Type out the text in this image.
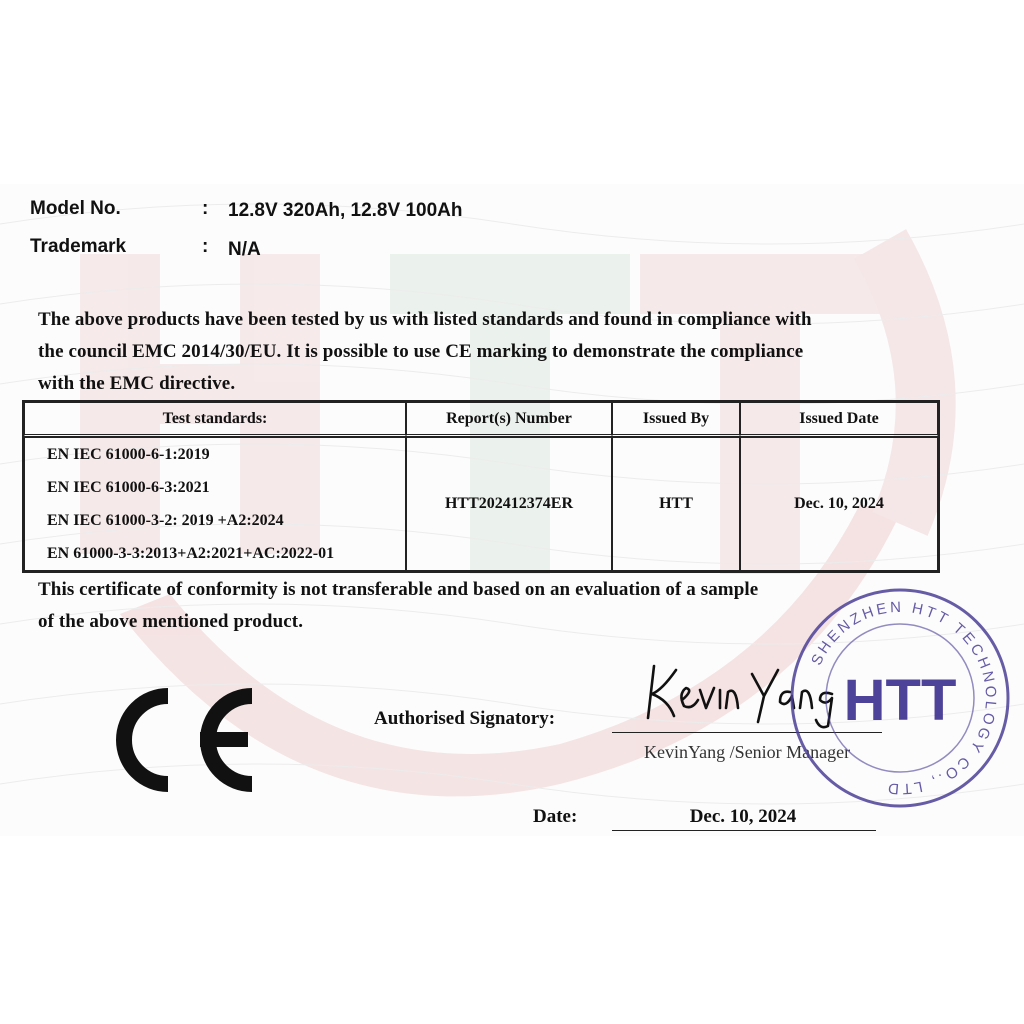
Model No.	: 12.8V 320Ah, 12.8V 100Ah
Trademark	: N/A
The above products have been tested by us with listed standards and found in compliance with
the council EMC 2014/30/EU. It is possible to use CE marking to demonstrate the compliance
with the EMC directive.
Test standards:	Report(s) Number	Issued By	Issued Date

EN IEC 61000-6-1:2019
EN IEC 61000-6-3:2021
EN IEC 61000-3-2: 2019 +A2:2024
EN 61000-3-3:2013+A2:2021+AC:2022-01	HTT202412374ER	HTT	Dec. 10, 2024
This certificate of conformity is not transferable and based on an evaluation of a sample
of the above mentioned product.
Authorised Signatory:
KevinYang /Senior Manager
Date:	Dec. 10, 2024
SHENZHEN HTT TECHNOLOGY CO., LTD
HTT
